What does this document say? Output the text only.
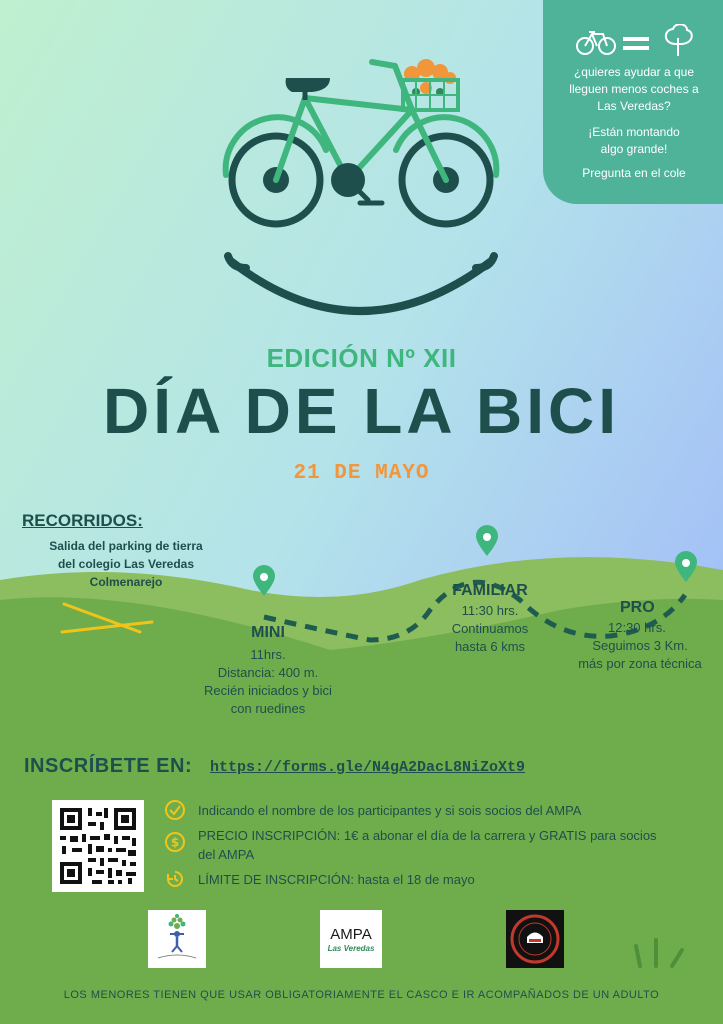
¿quieres ayudar a que
lleguen menos coches a
Las Veredas?
¡Están montando
algo grande!
Pregunta en el cole
EDICIÓN Nº XII
DÍA DE LA BICI
21 DE MAYO
RECORRIDOS:
Salida del parking de tierra
del colegio Las Veredas
Colmenarejo
MINI
11hrs.
Distancia: 400 m.
Recién iniciados y bici
con ruedines
FAMILIAR
11:30 hrs.
Continuamos
hasta 6 kms
PRO
12:30 hrs.
Seguimos 3 Km.
más por zona técnica
INSCRÍBETE EN: https://forms.gle/N4gA2DacL8NiZoXt9
Indicando el nombre de los participantes y si sois socios del AMPA
$ PRECIO INSCRIPCIÓN: 1€ a abonar el día de la carrera y GRATIS para socios del AMPA
LÍMITE DE INSCRIPCIÓN: hasta el 18 de mayo
AMPA
Las Veredas
LOS MENORES TIENEN QUE USAR OBLIGATORIAMENTE EL CASCO E IR ACOMPAÑADOS DE UN ADULTO
